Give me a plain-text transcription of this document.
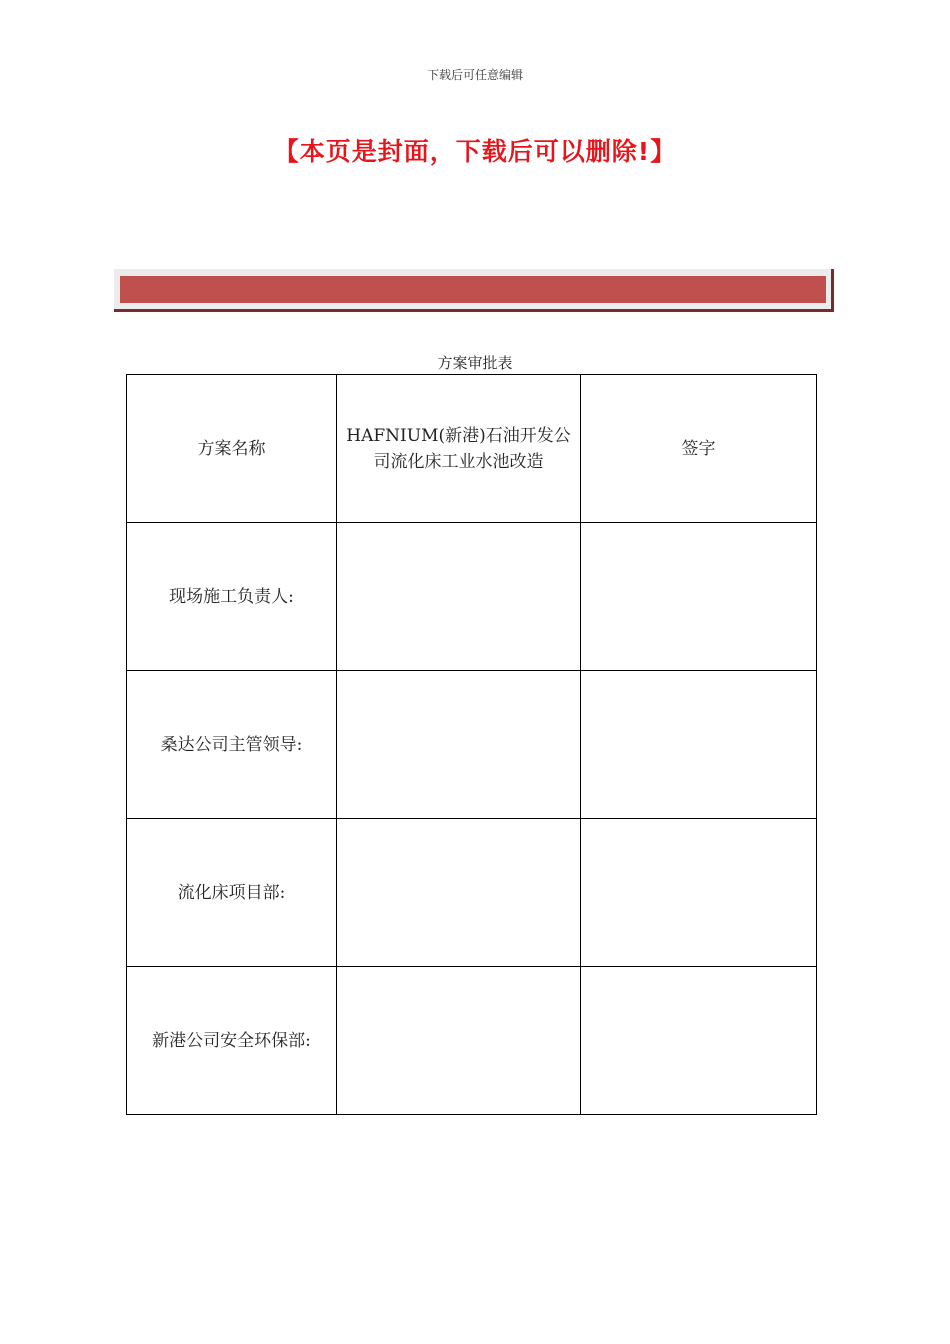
下载后可任意编辑
【本页是封面，下载后可以删除!】
方案审批表
方案名称	HAFNIUM(新港)石油开发公
司流化床工业水池改造	签字
现场施工负责人:		
桑达公司主管领导:		
流化床项目部:		
新港公司安全环保部:		
